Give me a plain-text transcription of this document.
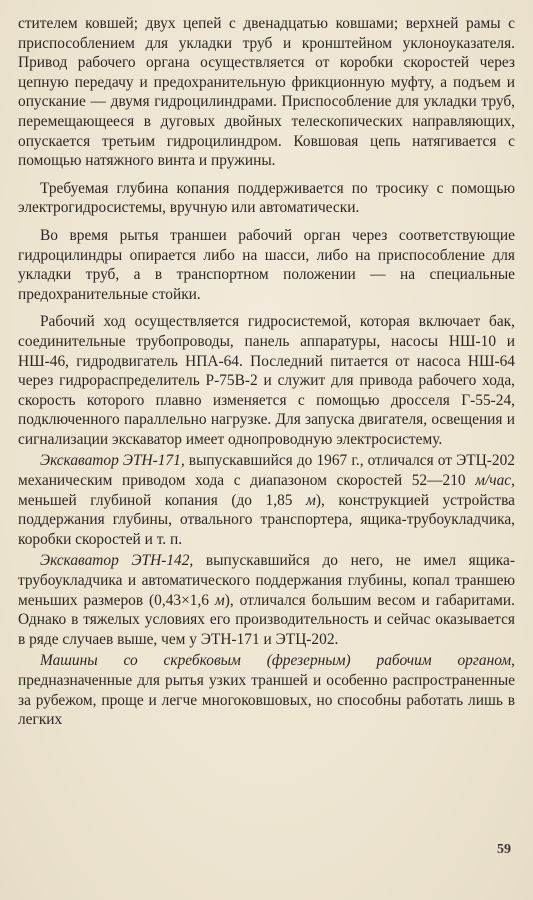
стителем ковшей; двух цепей с двенадцатью ковшами; верхней рамы с приспособлением для укладки труб и кронштейном уклоноуказателя. Привод рабочего органа осуществляется от коробки скоростей через цепную передачу и предохранительную фрикционную муфту, а подъем и опускание — двумя гидроцилиндрами. Приспособление для укладки труб, перемещающееся в дуговых двойных телескопических направляющих, опускается третьим гидроцилиндром. Ковшовая цепь натягивается с помощью натяжного винта и пружины.

Требуемая глубина копания поддерживается по тросику с помощью электрогидросистемы, вручную или автоматически.

Во время рытья траншеи рабочий орган через соответствующие гидроцилиндры опирается либо на шасси, либо на приспособление для укладки труб, а в транспортном положении — на специальные предохранительные стойки.

Рабочий ход осуществляется гидросистемой, которая включает бак, соединительные трубопроводы, панель аппаратуры, насосы НШ-10 и НШ-46, гидродвигатель НПА-64. Последний питается от насоса НШ-64 через гидрораспределитель Р-75В-2 и служит для привода рабочего хода, скорость которого плавно изменяется с помощью дросселя Г-55-24, подключенного параллельно нагрузке. Для запуска двигателя, освещения и сигнализации экскаватор имеет однопроводную электросистему.

Экскаватор ЭТН-171, выпускавшийся до 1967 г., отличался от ЭТЦ-202 механическим приводом хода с диапазоном скоростей 52—210 м/час, меньшей глубиной копания (до 1,85 м), конструкцией устройства поддержания глубины, отвального транспортера, ящика-трубоукладчика, коробки скоростей и т. п.

Экскаватор ЭТН-142, выпускавшийся до него, не имел ящика-трубоукладчика и автоматического поддержания глубины, копал траншею меньших размеров (0,43×1,6 м), отличался большим весом и габаритами. Однако в тяжелых условиях его производительность и сейчас оказывается в ряде случаев выше, чем у ЭТН-171 и ЭТЦ-202.

Машины со скребковым (фрезерным) рабочим органом, предназначенные для рытья узких траншей и особенно распространенные за рубежом, проще и легче многоковшовых, но способны работать лишь в легких

59
